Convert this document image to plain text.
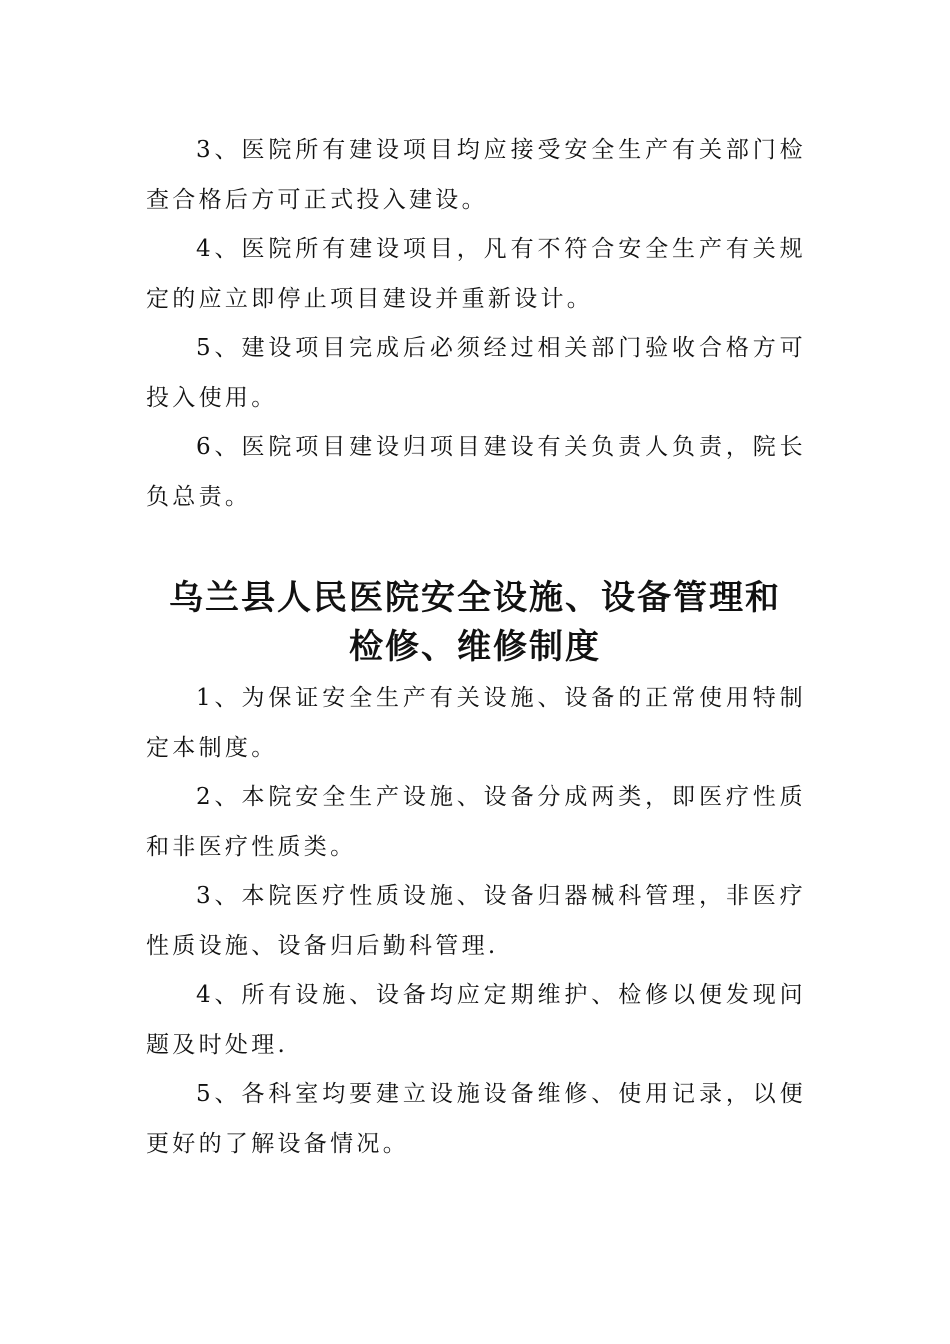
3、医院所有建设项目均应接受安全生产有关部门检查合格后方可正式投入建设。

4、医院所有建设项目，凡有不符合安全生产有关规定的应立即停止项目建设并重新设计。

5、建设项目完成后必须经过相关部门验收合格方可投入使用。

6、医院项目建设归项目建设有关负责人负责，院长负总责。

乌兰县人民医院安全设施、设备管理和
检修、维修制度

1、为保证安全生产有关设施、设备的正常使用特制定本制度。

2、本院安全生产设施、设备分成两类，即医疗性质和非医疗性质类。

3、本院医疗性质设施、设备归器械科管理，非医疗性质设施、设备归后勤科管理.

4、所有设施、设备均应定期维护、检修以便发现问题及时处理.

5、各科室均要建立设施设备维修、使用记录，以便更好的了解设备情况。
